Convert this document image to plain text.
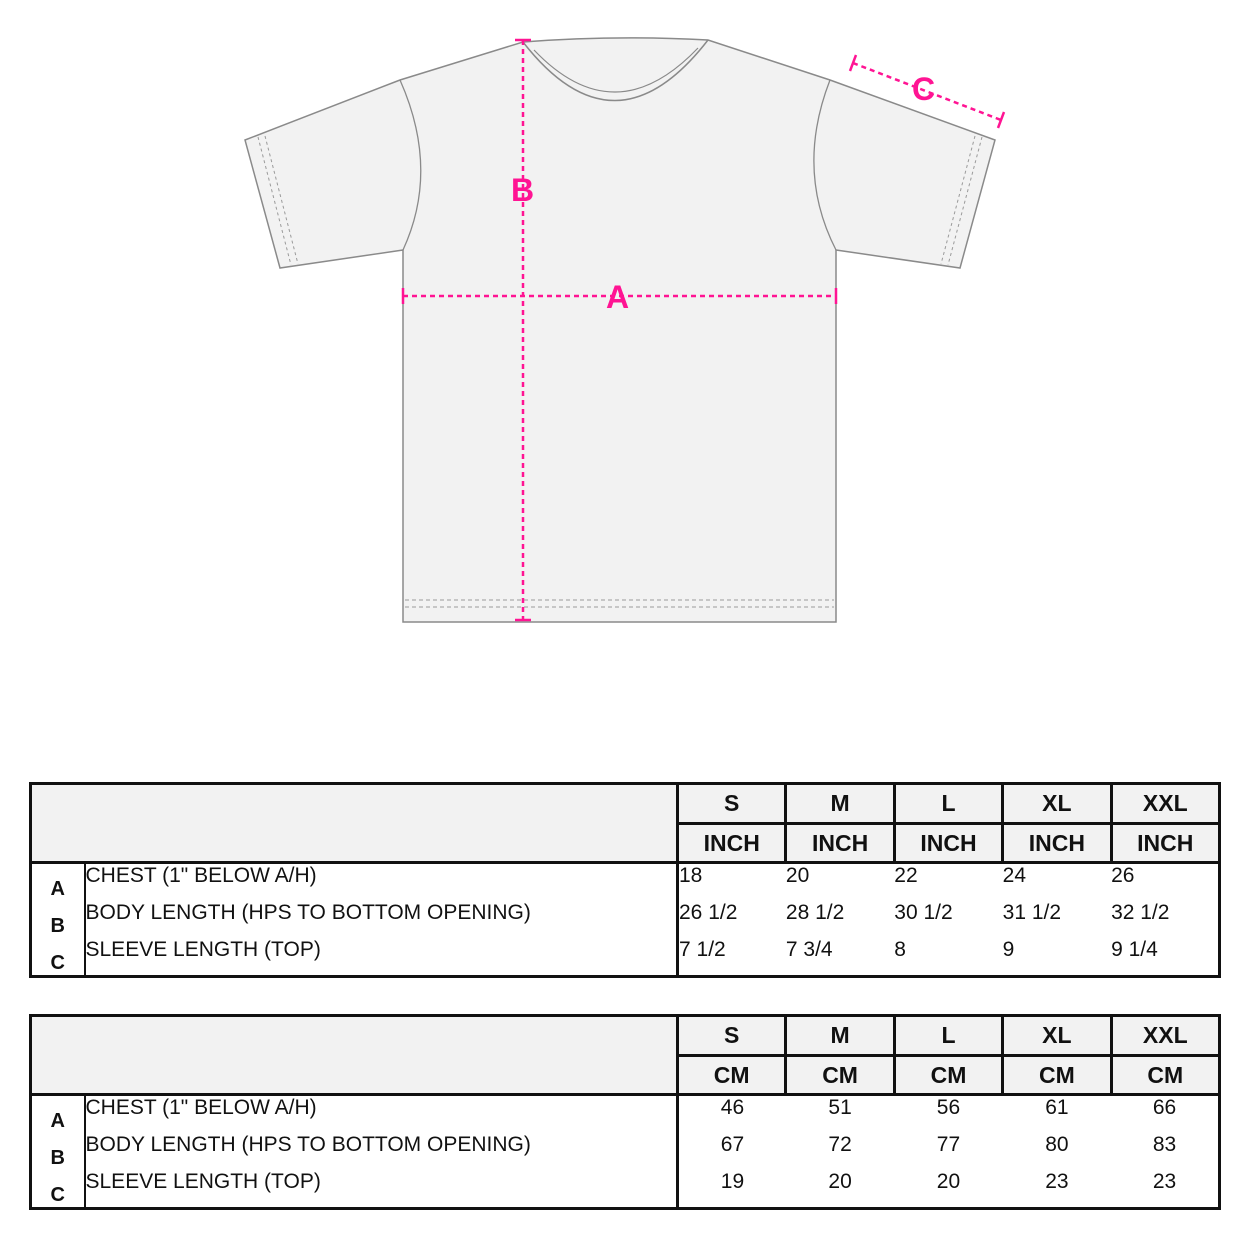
A
B
C
		S	M	L	XL	XXL
		INCH	INCH	INCH	INCH	INCH
A	CHEST (1" BELOW A/H)	18	20	22	24	26
B	BODY LENGTH (HPS TO BOTTOM OPENING)	26 1/2	28 1/2	30 1/2	31 1/2	32 1/2
C	SLEEVE LENGTH (TOP)	7 1/2	7 3/4	8	9	9 1/4
		S	M	L	XL	XXL
		CM	CM	CM	CM	CM
A	CHEST (1" BELOW A/H)	46	51	56	61	66
B	BODY LENGTH (HPS TO BOTTOM OPENING)	67	72	77	80	83
C	SLEEVE LENGTH (TOP)	19	20	20	23	23
